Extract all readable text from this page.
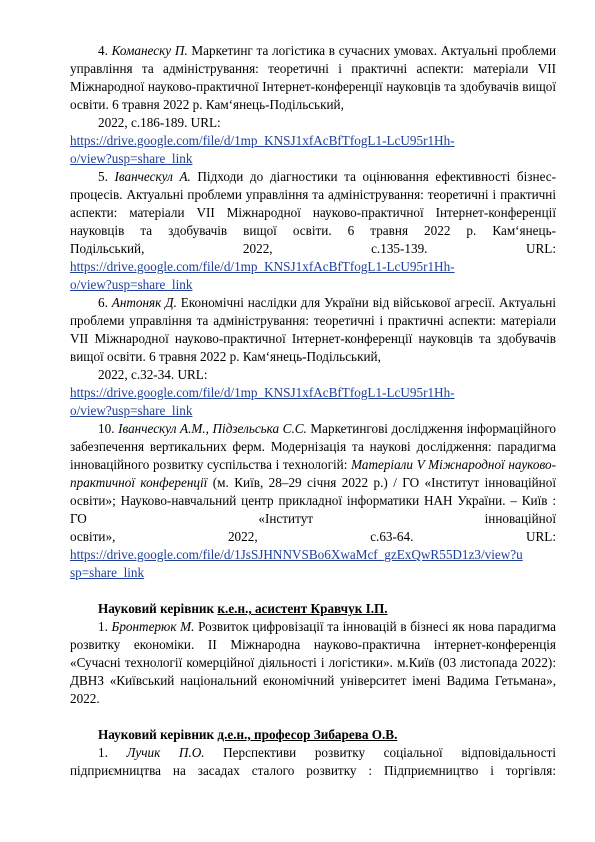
4. Команеску П. Маркетинг та логістика в сучасних умовах. Актуальні проблеми управління та адміністрування: теоретичні і практичні аспекти: матеріали VII Міжнародної науково-практичної Інтернет-конференції науковців та здобувачів вищої освіти. 6 травня 2022 р. Кам‘янець-Подільський,

2022, с.186-189. URL:

https://drive.google.com/file/d/1mp_KNSJ1xfAcBfTfogL1-LcU95r1Hh-
o/view?usp=share_link

5. Іванческул А. Підходи до діагностики та оцінювання ефективності бізнес-процесів. Актуальні проблеми управління та адміністрування: теоретичні і практичні аспекти: матеріали VII Міжнародної науково-практичної Інтернет-конференції науковців та здобувачів вищої освіти. 6 травня 2022 р. Кам‘янець-

Подільський,	2022,	с.135-139.	URL:

https://drive.google.com/file/d/1mp_KNSJ1xfAcBfTfogL1-LcU95r1Hh-
o/view?usp=share_link

6. Антоняк Д. Економічні наслідки для України від військової агресії. Актуальні проблеми управління та адміністрування: теоретичні і практичні аспекти: матеріали VII Міжнародної науково-практичної Інтернет-конференції науковців та здобувачів вищої освіти. 6 травня 2022 р. Кам‘янець-Подільський,

2022, с.32-34. URL:

https://drive.google.com/file/d/1mp_KNSJ1xfAcBfTfogL1-LcU95r1Hh-
o/view?usp=share_link

10. Іванческул А.М., Підзельська С.С. Маркетингові дослідження інформаційного забезпечення вертикальних ферм. Модернізація та наукові дослідження: парадигма інноваційного розвитку суспільства і технологій: Матеріали V Міжнародної науково-практичної конференції (м. Київ, 28–29 січня 2022 р.) / ГО «Інститут інноваційної освіти»; Науково-навчальний центр прикладної інформатики НАН України. – Київ : ГО «Інститут інноваційної

освіти»,	2022,	с.63-64.	URL:

https://drive.google.com/file/d/1JsSJHNNVSBo6XwaMcf_gzExQwR55D1z3/view?u
sp=share_link

Науковий керівник к.е.н., асистент Кравчук І.П.

1. Бронтерюк М. Розвиток цифровізації та інновацій в бізнесі як нова парадигма розвитку економіки. ІІ Міжнародна науково-практична інтернет-конференція «Сучасні технології комерційної діяльності і логістики». м.Київ (03 листопада 2022): ДВНЗ «Київський національний економічний університет імені Вадима Гетьмана», 2022.

Науковий керівник д.е.н., професор Зибарева О.В.

1. Лучик П.О. Перспективи розвитку соціальної відповідальності підприємництва на засадах сталого розвитку : Підприємництво і торгівля:
